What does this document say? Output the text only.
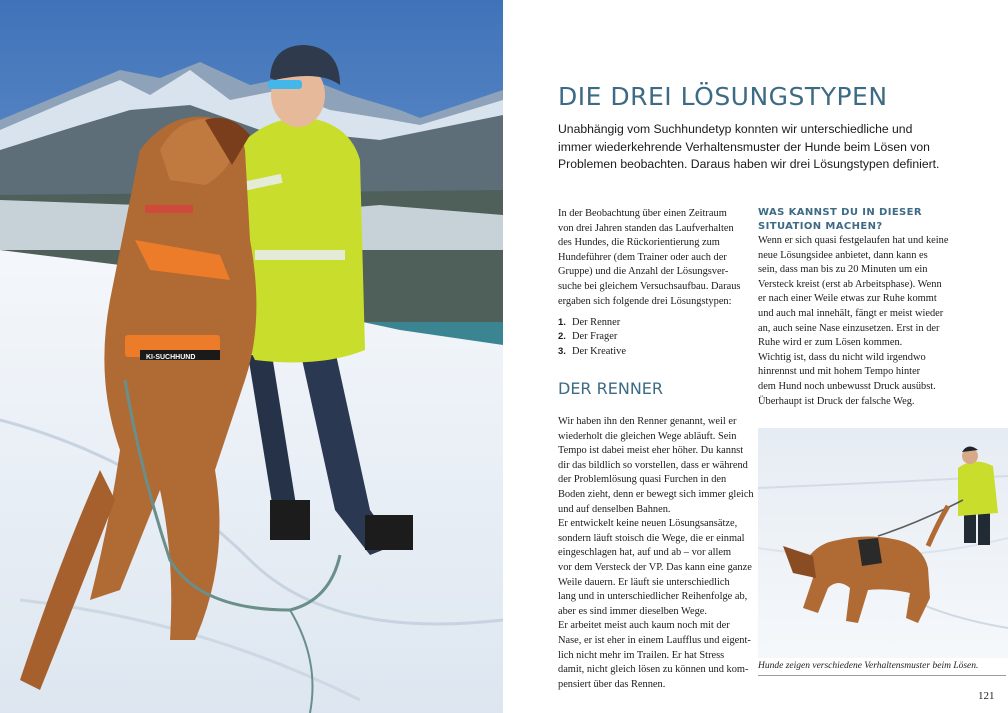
KI-SUCHHUND
DIE DREI LÖSUNGSTYPEN
Unabhängig vom Suchhundetyp konnten wir unterschiedliche und
immer wiederkehrende Verhaltensmuster der Hunde beim Lösen von
Problemen beobachten. Daraus haben wir drei Lösungstypen definiert.
In der Beobachtung über einen Zeitraum
von drei Jahren standen das Laufverhalten
des Hundes, die Rückorientierung zum
Hundeführer (dem Trainer oder auch der
Gruppe) und die Anzahl der Lösungsver-
suche bei gleichem Versuchsaufbau. Daraus
ergaben sich folgende drei Lösungstypen:
1. Der Renner
2. Der Frager
3. Der Kreative
DER RENNER
Wir haben ihn den Renner genannt, weil er
wiederholt die gleichen Wege abläuft. Sein
Tempo ist dabei meist eher höher. Du kannst
dir das bildlich so vorstellen, dass er während
der Problemlösung quasi Furchen in den
Boden zieht, denn er bewegt sich immer gleich
und auf denselben Bahnen.
Er entwickelt keine neuen Lösungsansätze,
sondern läuft stoisch die Wege, die er einmal
eingeschlagen hat, auf und ab – vor allem
vor dem Versteck der VP. Das kann eine ganze
Weile dauern. Er läuft sie unterschiedlich
lang und in unterschiedlicher Reihenfolge ab,
aber es sind immer dieselben Wege.
Er arbeitet meist auch kaum noch mit der
Nase, er ist eher in einem Laufflus und eigent-
lich nicht mehr im Trailen. Er hat Stress
damit, nicht gleich lösen zu können und kom-
pensiert über das Rennen.
WAS KANNST DU IN DIESER
SITUATION MACHEN?
Wenn er sich quasi festgelaufen hat und keine
neue Lösungsidee anbietet, dann kann es
sein, dass man bis zu 20 Minuten um ein
Versteck kreist (erst ab Arbeitsphase). Wenn
er nach einer Weile etwas zur Ruhe kommt
und auch mal innehält, fängt er meist wieder
an, auch seine Nase einzusetzen. Erst in der
Ruhe wird er zum Lösen kommen.
Wichtig ist, dass du nicht wild irgendwo
hinrennst und mit hohem Tempo hinter
dem Hund noch unbewusst Druck ausübst.
Überhaupt ist Druck der falsche Weg.
Hunde zeigen verschiedene Verhaltensmuster beim Lösen.
121
